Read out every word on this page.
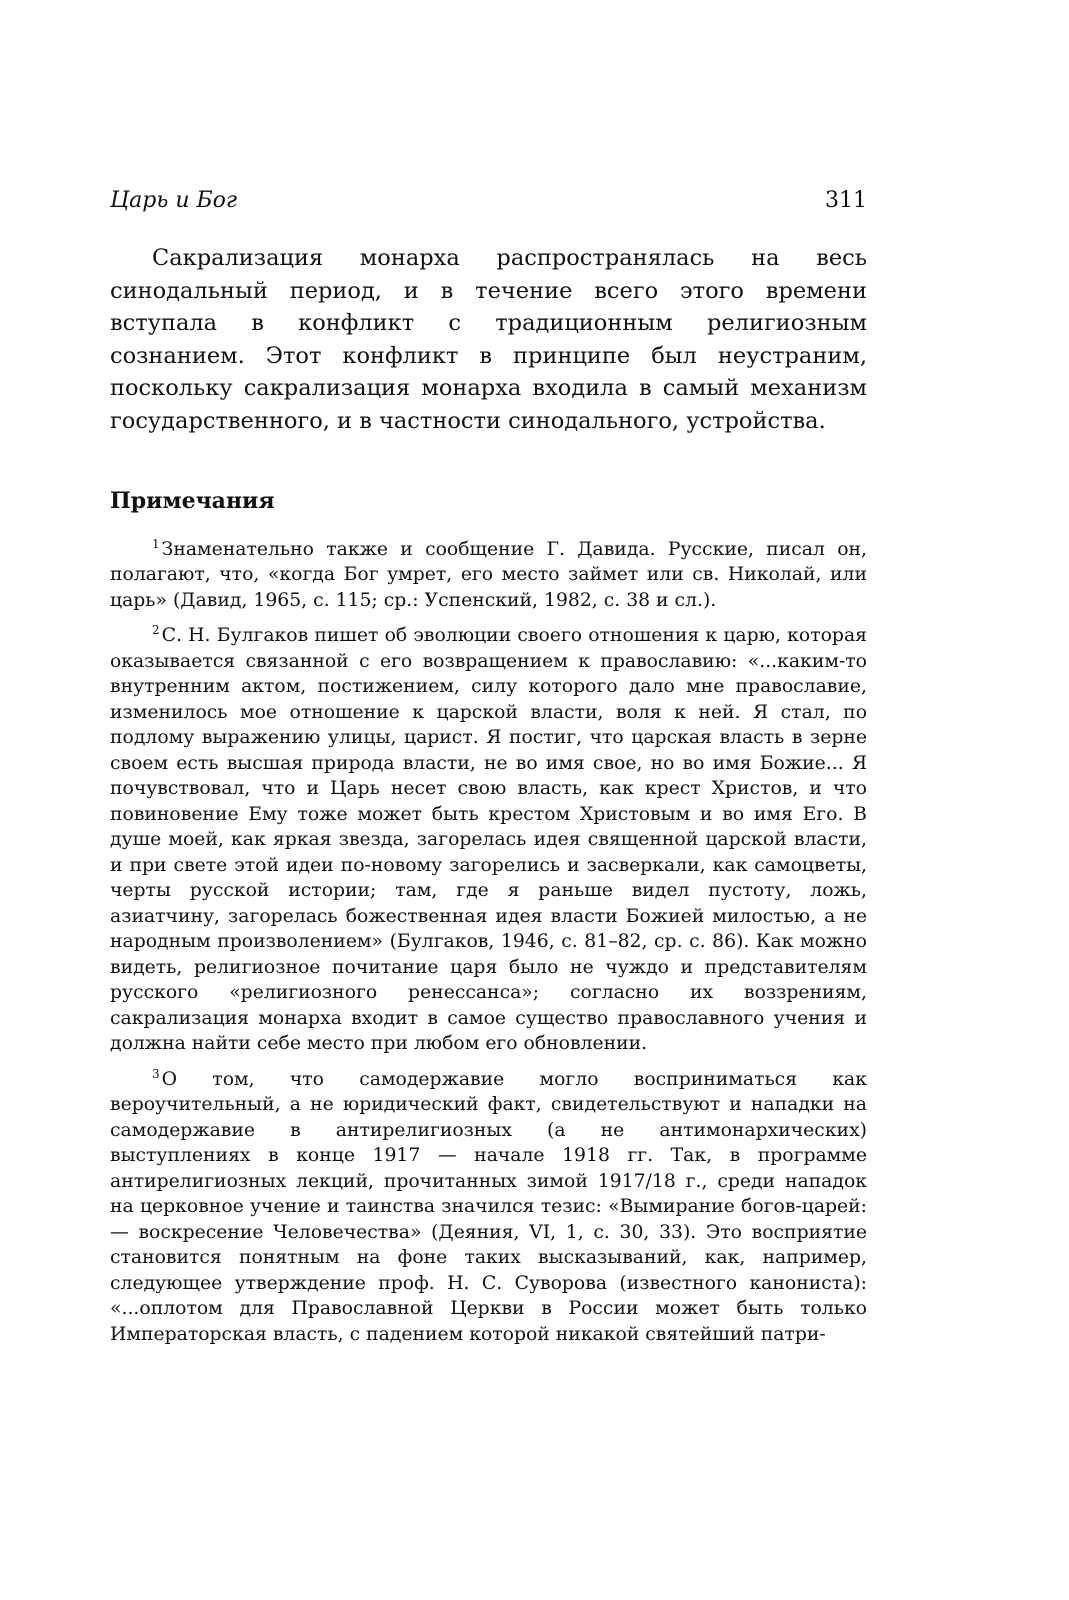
Царь и Бог	311

Сакрализация монарха распространялась на весь синодальный период, и в течение всего этого времени вступала в конфликт с традиционным религиозным сознанием. Этот конфликт в принципе был неустраним, поскольку сакрализация монарха входила в самый механизм государственного, и в частности синодального, устройства.

Примечания

$^1$ Знаменательно также и сообщение Г. Давида. Русские, писал он, полагают, что, «когда Бог умрет, его место займет или св. Николай, или царь» (Давид, 1965, с. 115; ср.: Успенский, 1982, с. 38 и сл.).

$^2$ С. Н. Булгаков пишет об эволюции своего отношения к царю, которая оказывается связанной с его возвращением к православию: «...каким-то внутренним актом, постижением, силу которого дало мне православие, изменилось мое отношение к царской власти, воля к ней. Я стал, по подлому выражению улицы, царист. Я постиг, что царская власть в зерне своем есть высшая природа власти, не во имя свое, но во имя Божие... Я почувствовал, что и Царь несет свою власть, как крест Христов, и что повиновение Ему тоже может быть крестом Христовым и во имя Его. В душе моей, как яркая звезда, загорелась идея священной царской власти, и при свете этой идеи по-новому загорелись и засверкали, как самоцветы, черты русской истории; там, где я раньше видел пустоту, ложь, азиатчину, загорелась божественная идея власти Божией милостью, а не народным произволением» (Булгаков, 1946, с. 81–82, ср. с. 86). Как можно видеть, религиозное почитание царя было не чуждо и представителям русского «религиозного ренессанса»; согласно их воззрениям, сакрализация монарха входит в самое существо православного учения и должна найти себе место при любом его обновлении.

$^3$ О том, что самодержавие могло восприниматься как вероучительный, а не юридический факт, свидетельствуют и нападки на самодержавие в антирелигиозных (а не антимонархических) выступлениях в конце 1917 — начале 1918 гг. Так, в программе антирелигиозных лекций, прочитанных зимой 1917/18 г., среди нападок на церковное учение и таинства значился тезис: «Вымирание богов-царей: — воскресение Человечества» (Деяния, VI, 1, с. 30, 33). Это восприятие становится понятным на фоне таких высказываний, как, например, следующее утверждение проф. Н. С. Суворова (известного канониста): «...оплотом для Православной Церкви в России может быть только Императорская власть, с падением которой никакой святейший патри-
